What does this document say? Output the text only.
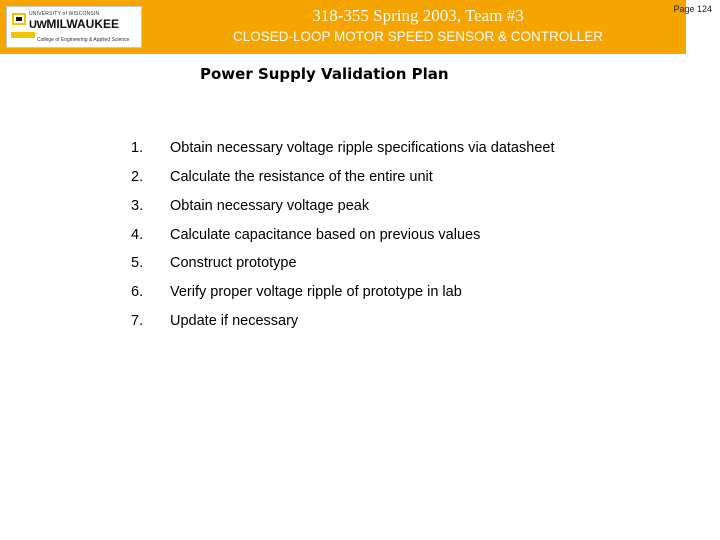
UNIVERSITY of WISCONSIN
UWMILWAUKEE
College of Engineering & Applied Science
318-355 Spring 2003, Team #3
CLOSED-LOOP MOTOR SPEED SENSOR & CONTROLLER
Page 124
Power Supply Validation Plan
1. Obtain necessary voltage ripple specifications via datasheet
2. Calculate the resistance of the entire unit
3. Obtain necessary voltage peak
4. Calculate capacitance based on previous values
5. Construct prototype
6. Verify proper voltage ripple of prototype in lab
7. Update if necessary
